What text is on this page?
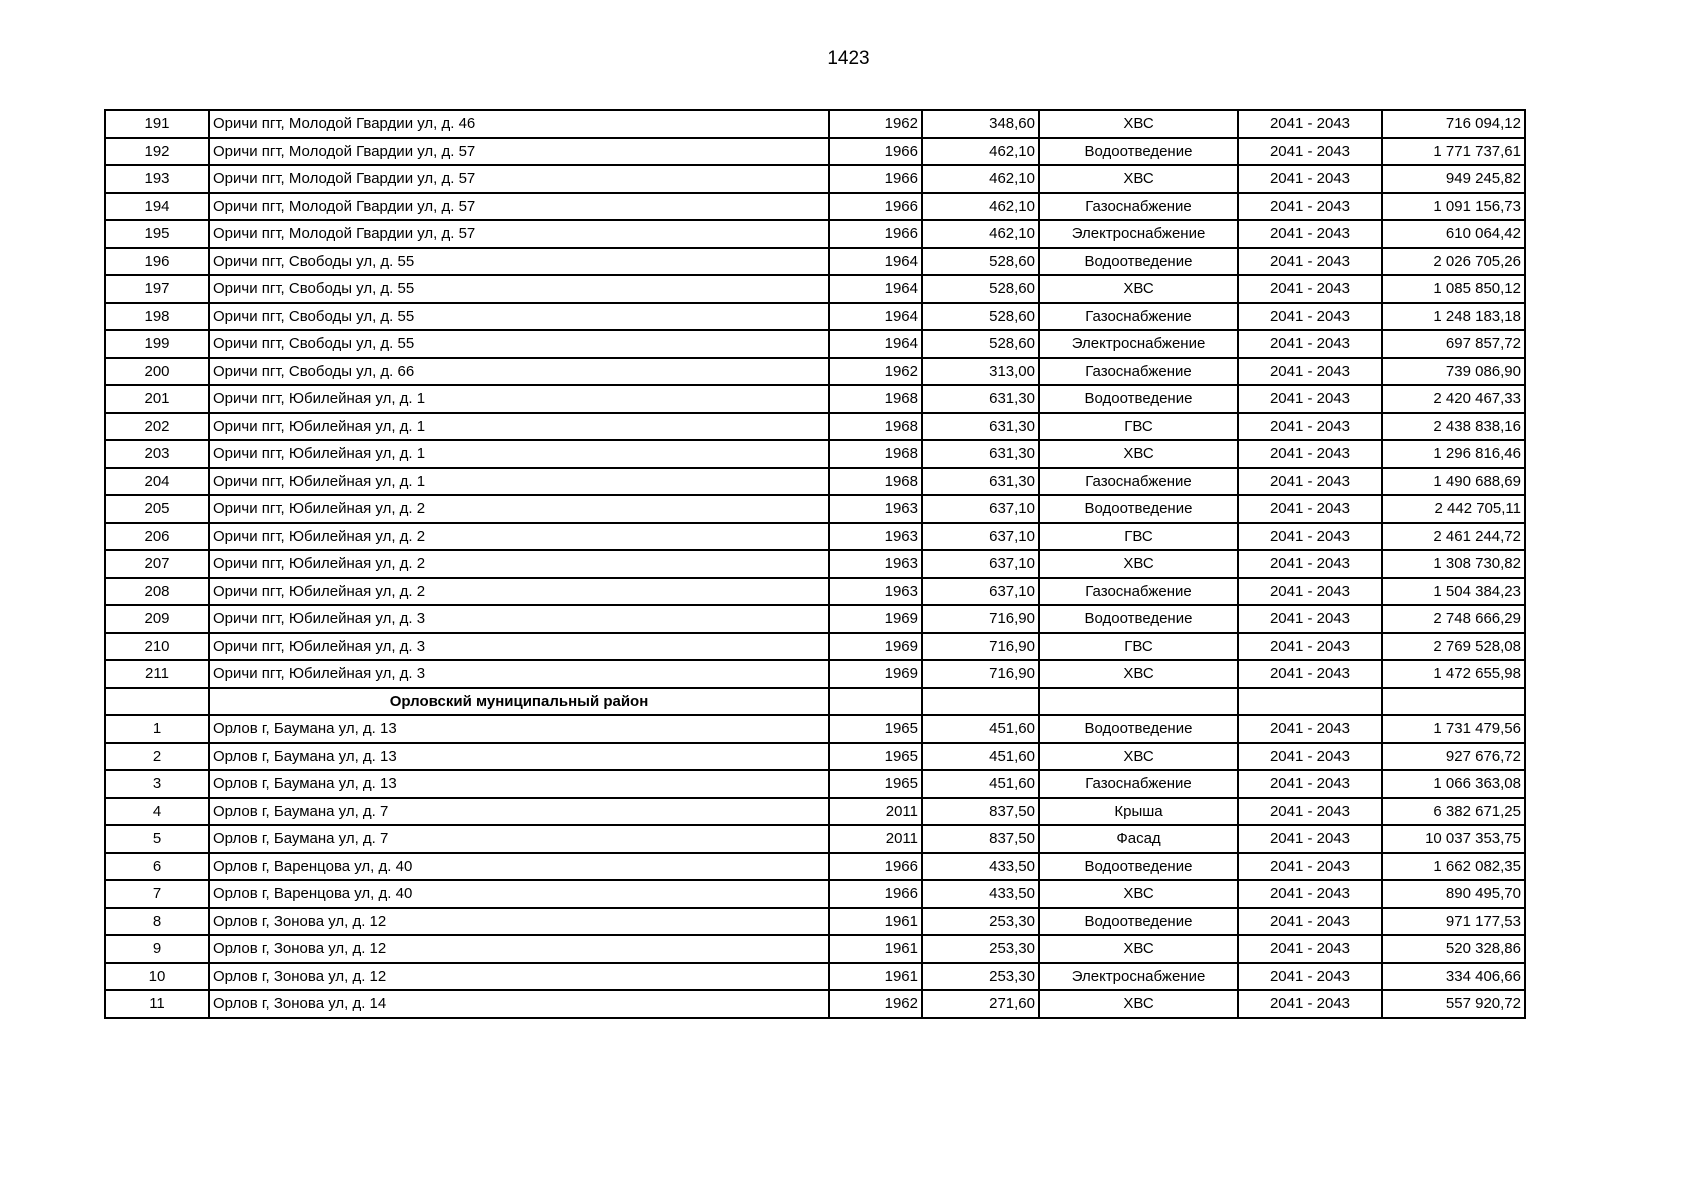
1423
191	Оричи пгт, Молодой Гвардии ул, д. 46	1962	348,60	ХВС	2041 - 2043	716 094,12
192	Оричи пгт, Молодой Гвардии ул, д. 57	1966	462,10	Водоотведение	2041 - 2043	1 771 737,61
193	Оричи пгт, Молодой Гвардии ул, д. 57	1966	462,10	ХВС	2041 - 2043	949 245,82
194	Оричи пгт, Молодой Гвардии ул, д. 57	1966	462,10	Газоснабжение	2041 - 2043	1 091 156,73
195	Оричи пгт, Молодой Гвардии ул, д. 57	1966	462,10	Электроснабжение	2041 - 2043	610 064,42
196	Оричи пгт, Свободы ул, д. 55	1964	528,60	Водоотведение	2041 - 2043	2 026 705,26
197	Оричи пгт, Свободы ул, д. 55	1964	528,60	ХВС	2041 - 2043	1 085 850,12
198	Оричи пгт, Свободы ул, д. 55	1964	528,60	Газоснабжение	2041 - 2043	1 248 183,18
199	Оричи пгт, Свободы ул, д. 55	1964	528,60	Электроснабжение	2041 - 2043	697 857,72
200	Оричи пгт, Свободы ул, д. 66	1962	313,00	Газоснабжение	2041 - 2043	739 086,90
201	Оричи пгт, Юбилейная ул, д. 1	1968	631,30	Водоотведение	2041 - 2043	2 420 467,33
202	Оричи пгт, Юбилейная ул, д. 1	1968	631,30	ГВС	2041 - 2043	2 438 838,16
203	Оричи пгт, Юбилейная ул, д. 1	1968	631,30	ХВС	2041 - 2043	1 296 816,46
204	Оричи пгт, Юбилейная ул, д. 1	1968	631,30	Газоснабжение	2041 - 2043	1 490 688,69
205	Оричи пгт, Юбилейная ул, д. 2	1963	637,10	Водоотведение	2041 - 2043	2 442 705,11
206	Оричи пгт, Юбилейная ул, д. 2	1963	637,10	ГВС	2041 - 2043	2 461 244,72
207	Оричи пгт, Юбилейная ул, д. 2	1963	637,10	ХВС	2041 - 2043	1 308 730,82
208	Оричи пгт, Юбилейная ул, д. 2	1963	637,10	Газоснабжение	2041 - 2043	1 504 384,23
209	Оричи пгт, Юбилейная ул, д. 3	1969	716,90	Водоотведение	2041 - 2043	2 748 666,29
210	Оричи пгт, Юбилейная ул, д. 3	1969	716,90	ГВС	2041 - 2043	2 769 528,08
211	Оричи пгт, Юбилейная ул, д. 3	1969	716,90	ХВС	2041 - 2043	1 472 655,98
	Орловский муниципальный район					
1	Орлов г, Баумана ул, д. 13	1965	451,60	Водоотведение	2041 - 2043	1 731 479,56
2	Орлов г, Баумана ул, д. 13	1965	451,60	ХВС	2041 - 2043	927 676,72
3	Орлов г, Баумана ул, д. 13	1965	451,60	Газоснабжение	2041 - 2043	1 066 363,08
4	Орлов г, Баумана ул, д. 7	2011	837,50	Крыша	2041 - 2043	6 382 671,25
5	Орлов г, Баумана ул, д. 7	2011	837,50	Фасад	2041 - 2043	10 037 353,75
6	Орлов г, Варенцова ул, д. 40	1966	433,50	Водоотведение	2041 - 2043	1 662 082,35
7	Орлов г, Варенцова ул, д. 40	1966	433,50	ХВС	2041 - 2043	890 495,70
8	Орлов г, Зонова ул, д. 12	1961	253,30	Водоотведение	2041 - 2043	971 177,53
9	Орлов г, Зонова ул, д. 12	1961	253,30	ХВС	2041 - 2043	520 328,86
10	Орлов г, Зонова ул, д. 12	1961	253,30	Электроснабжение	2041 - 2043	334 406,66
11	Орлов г, Зонова ул, д. 14	1962	271,60	ХВС	2041 - 2043	557 920,72
